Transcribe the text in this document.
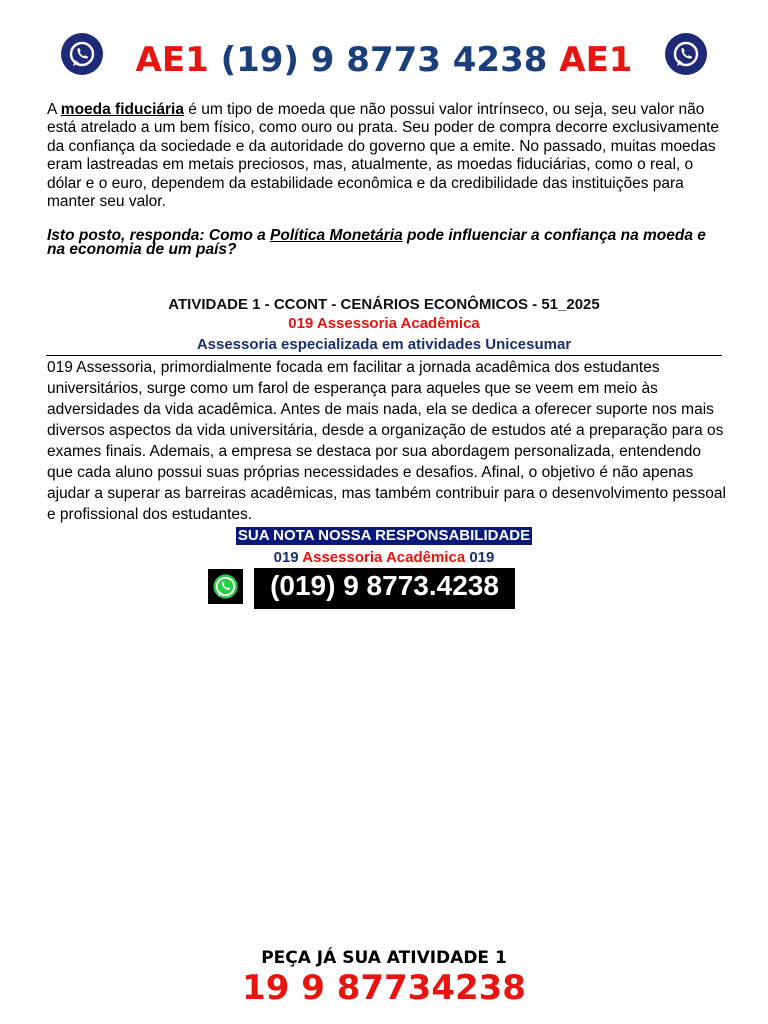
AE1 (19) 9 8773 4238 AE1

A moeda fiduciária é um tipo de moeda que não possui valor intrínseco, ou seja, seu valor não está atrelado a um bem físico, como ouro ou prata. Seu poder de compra decorre exclusivamente da confiança da sociedade e da autoridade do governo que a emite. No passado, muitas moedas eram lastreadas em metais preciosos, mas, atualmente, as moedas fiduciárias, como o real, o dólar e o euro, dependem da estabilidade econômica e da credibilidade das instituições para manter seu valor.

Isto posto, responda: Como a Política Monetária pode influenciar a confiança na moeda e na economia de um país?

ATIVIDADE 1 - CCONT - CENÁRIOS ECONÔMICOS - 51_2025
019 Assessoria Acadêmica
Assessoria especializada em atividades Unicesumar

019 Assessoria, primordialmente focada em facilitar a jornada acadêmica dos estudantes universitários, surge como um farol de esperança para aqueles que se veem em meio às adversidades da vida acadêmica. Antes de mais nada, ela se dedica a oferecer suporte nos mais diversos aspectos da vida universitária, desde a organização de estudos até a preparação para os exames finais. Ademais, a empresa se destaca por sua abordagem personalizada, entendendo que cada aluno possui suas próprias necessidades e desafios. Afinal, o objetivo é não apenas ajudar a superar as barreiras acadêmicas, mas também contribuir para o desenvolvimento pessoal e profissional dos estudantes.

SUA NOTA NOSSA RESPONSABILIDADE
019 Assessoria Acadêmica 019
(019) 9 8773.4238
PEÇA JÁ SUA ATIVIDADE 1
19 9 87734238
